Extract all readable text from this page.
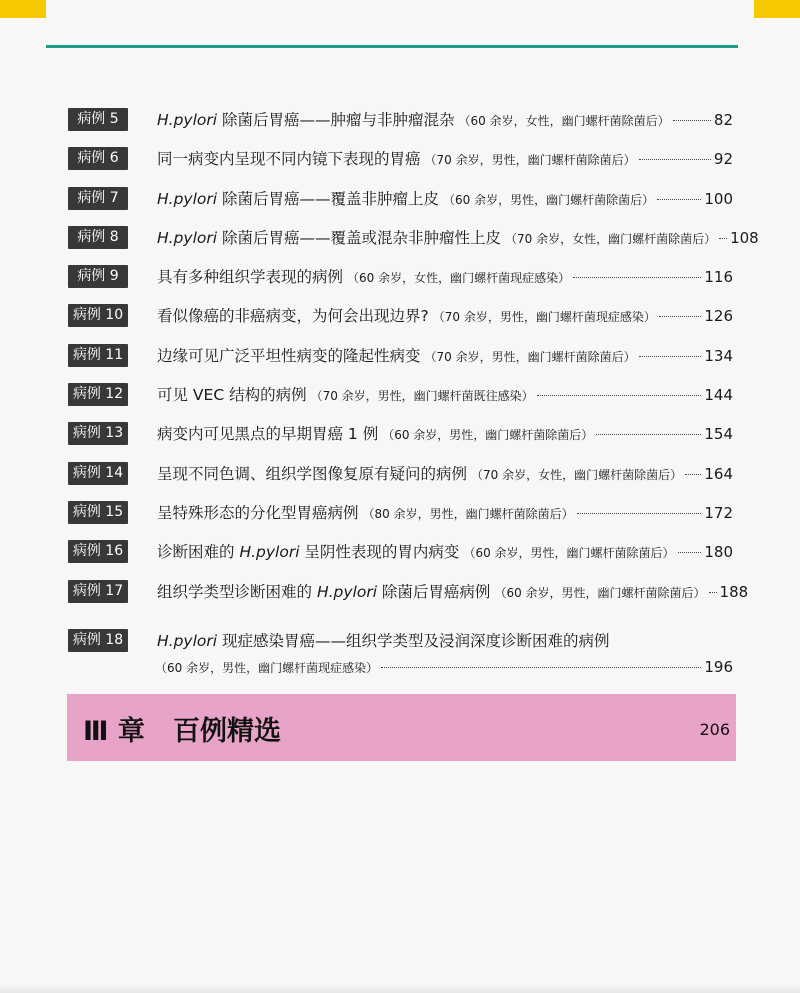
病例 5	H.pylori 除菌后胃癌——肿瘤与非肿瘤混杂 （60 余岁，女性，幽门螺杆菌除菌后）	82
病例 6	同一病变内呈现不同内镜下表现的胃癌 （70 余岁，男性，幽门螺杆菌除菌后）	92
病例 7	H.pylori 除菌后胃癌——覆盖非肿瘤上皮 （60 余岁，男性，幽门螺杆菌除菌后）	100
病例 8	H.pylori 除菌后胃癌——覆盖或混杂非肿瘤性上皮 （70 余岁，女性，幽门螺杆菌除菌后） 108
病例 9	具有多种组织学表现的病例 （60 余岁，女性，幽门螺杆菌现症感染）	116
病例 10	看似像癌的非癌病变，为何会出现边界? （70 余岁，男性，幽门螺杆菌现症感染）	126
病例 11	边缘可见广泛平坦性病变的隆起性病变 （70 余岁，男性，幽门螺杆菌除菌后）	134
病例 12	可见 VEC 结构的病例 （70 余岁，男性，幽门螺杆菌既往感染）	144
病例 13	病变内可见黑点的早期胃癌 1 例 （60 余岁，男性，幽门螺杆菌除菌后）	154
病例 14	呈现不同色调、组织学图像复原有疑问的病例 （70 余岁，女性，幽门螺杆菌除菌后） 164
病例 15	呈特殊形态的分化型胃癌病例 （80 余岁，男性，幽门螺杆菌除菌后）	172
病例 16	诊断困难的 H.pylori 呈阴性表现的胃内病变 （60 余岁，男性，幽门螺杆菌除菌后） 180
病例 17	组织学类型诊断困难的 H.pylori 除菌后胃癌病例 （60 余岁，男性，幽门螺杆菌除菌后） 188
病例 18	H.pylori 现症感染胃癌——组织学类型及浸润深度诊断困难的病例
（60 余岁，男性，幽门螺杆菌现症感染）	196
Ⅲ 章 百例精选	206
